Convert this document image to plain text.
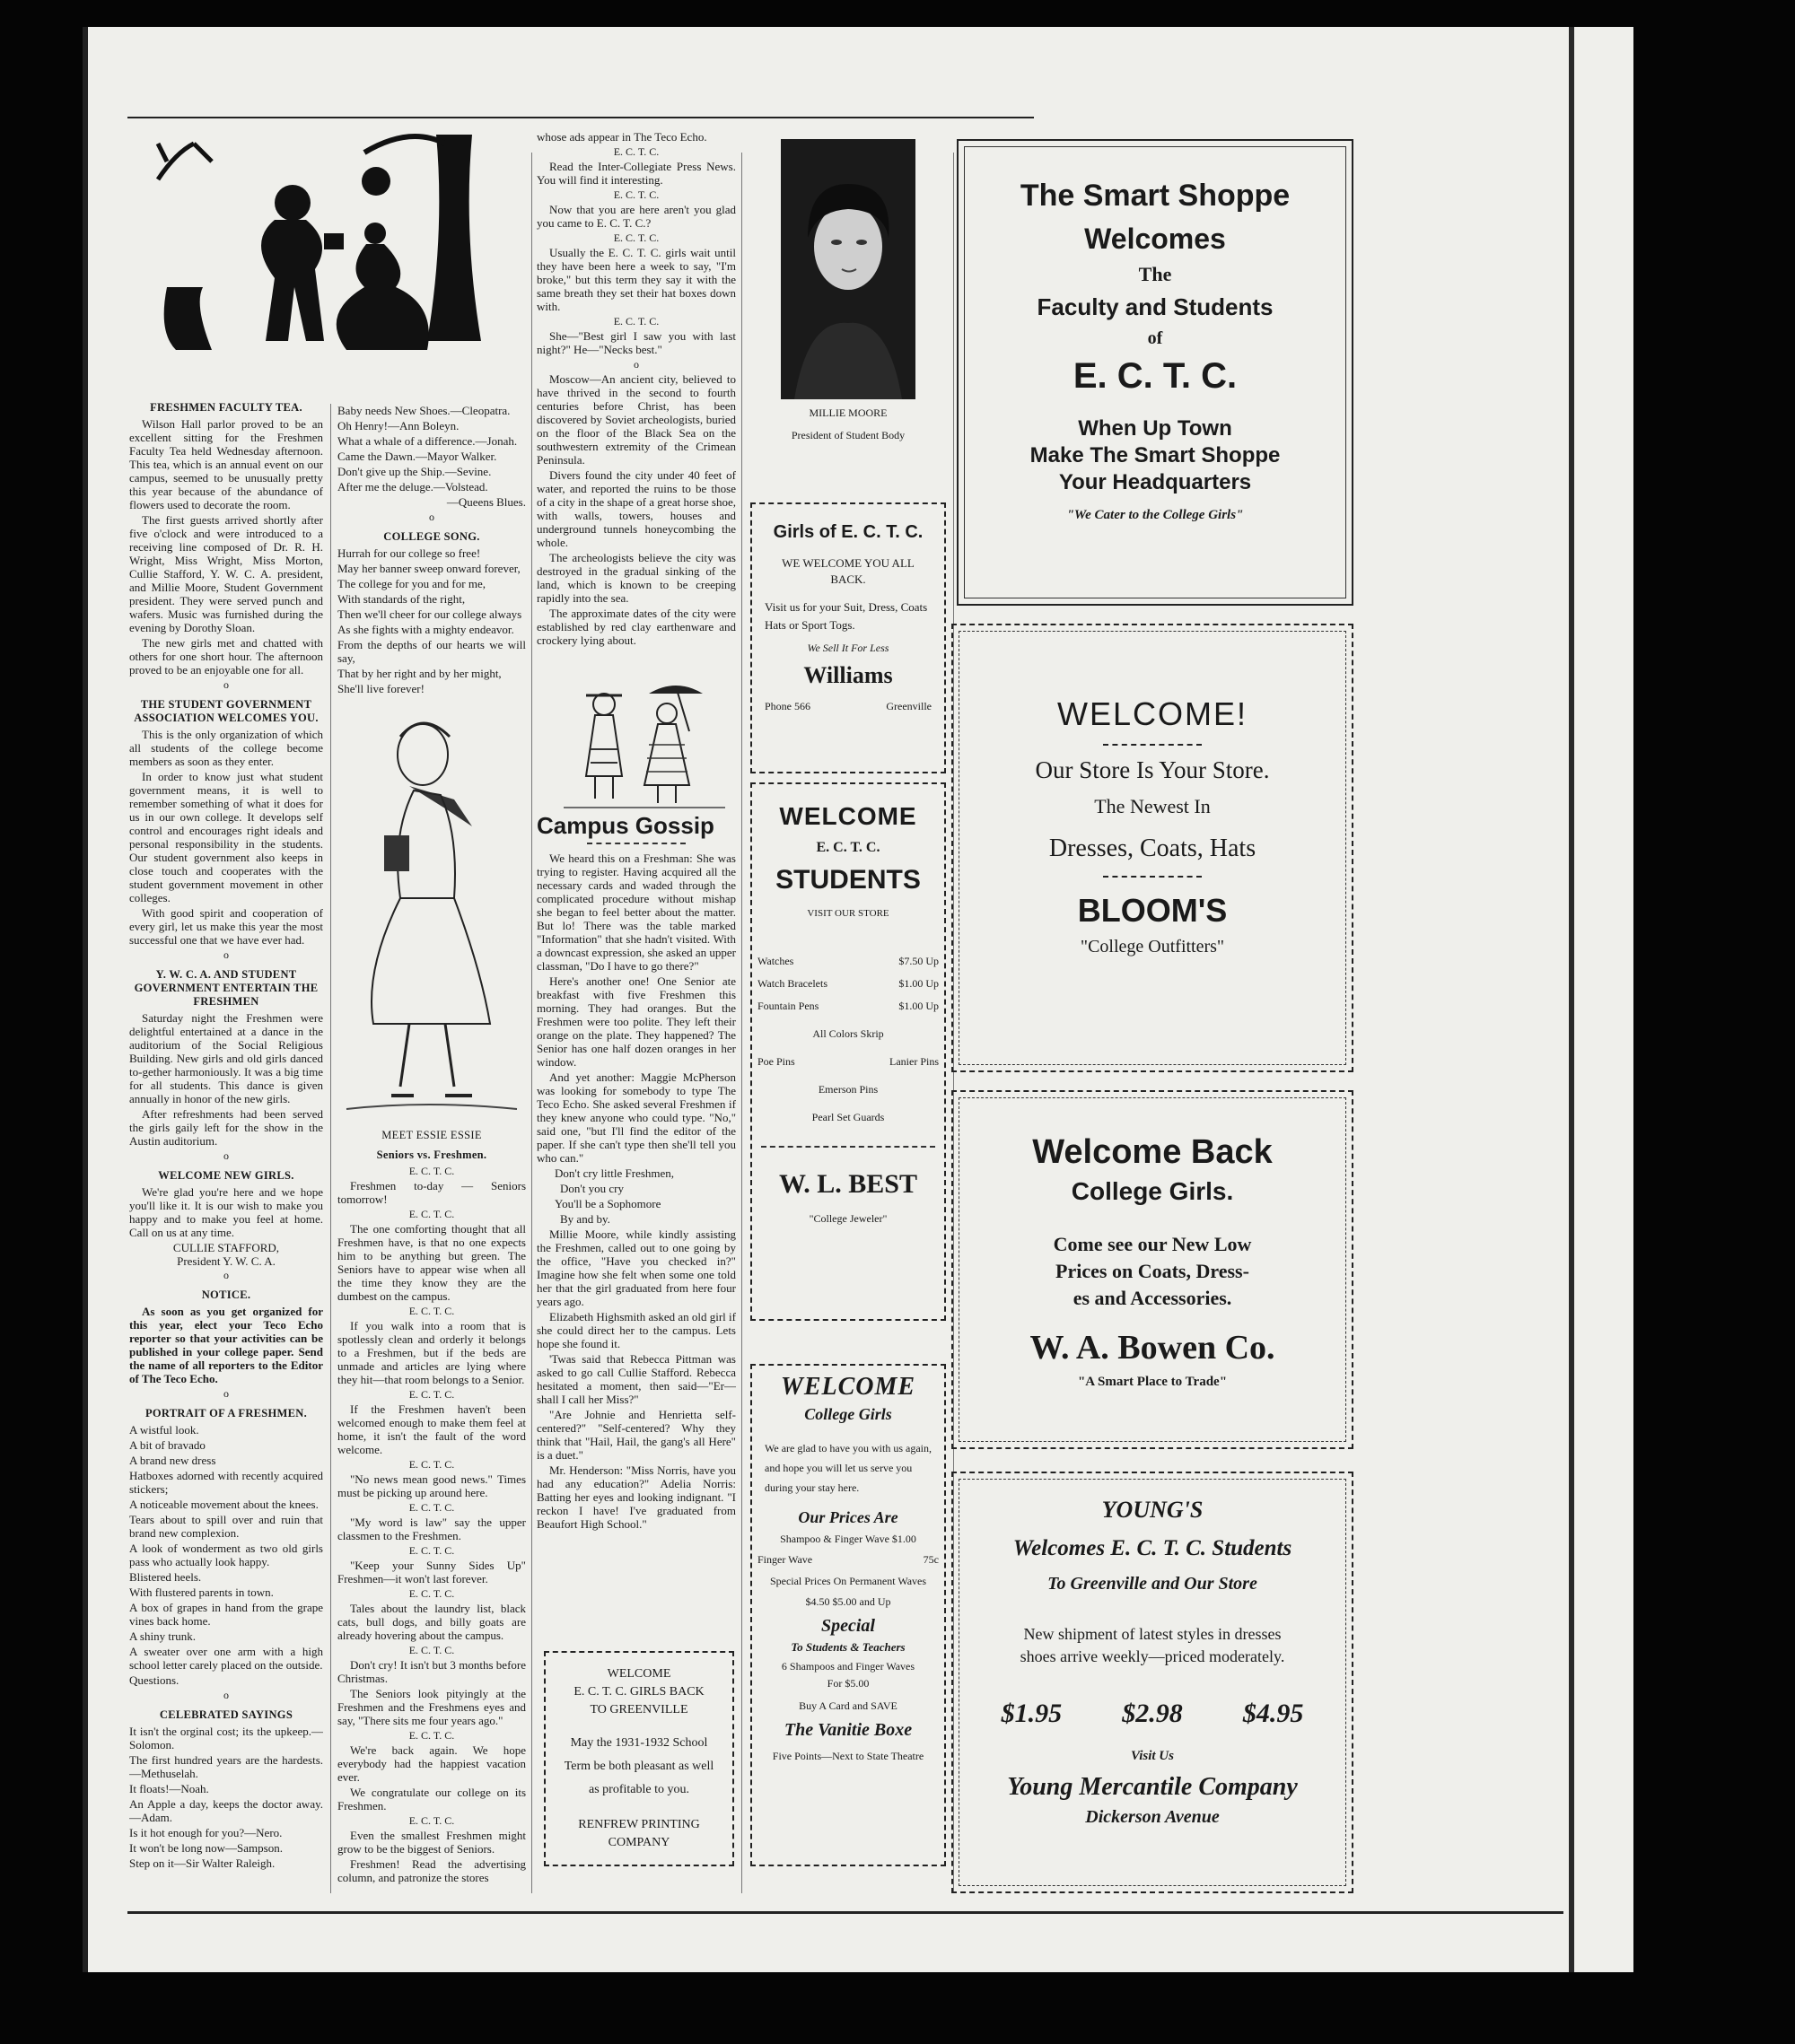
FRESHMEN FACULTY TEA.

Wilson Hall parlor proved to be an excellent sitting for the Freshmen Faculty Tea held Wednesday afternoon. This tea, which is an annual event on our campus, seemed to be unusually pretty this year because of the abundance of flowers used to decorate the room.

The first guests arrived shortly after five o'clock and were introduced to a receiving line composed of Dr. R. H. Wright, Miss Wright, Miss Morton, Cullie Stafford, Y. W. C. A. president, and Millie Moore, Student Government president. They were served punch and wafers. Music was furnished during the evening by Dorothy Sloan.

The new girls met and chatted with others for one short hour. The afternoon proved to be an enjoyable one for all.

o
THE STUDENT GOVERNMENT ASSOCIATION WELCOMES YOU.

This is the only organization of which all students of the college become members as soon as they enter.

In order to know just what student government means, it is well to remember something of what it does for us in our own college. It develops self control and encourages right ideals and personal responsibility in the students. Our student government also keeps in close touch and cooperates with the student government movement in other colleges.

With good spirit and cooperation of every girl, let us make this year the most successful one that we have ever had.

o
Y. W. C. A. AND STUDENT GOVERNMENT ENTERTAIN THE FRESHMEN

Saturday night the Freshmen were delightful entertained at a dance in the auditorium of the Social Religious Building. New girls and old girls danced to-gether harmoniously. It was a big time for all students. This dance is given annually in honor of the new girls.

After refreshments had been served the girls gaily left for the show in the Austin auditorium.

o
WELCOME NEW GIRLS.

We're glad you're here and we hope you'll like it. It is our wish to make you happy and to make you feel at home. Call on us at any time.

CULLIE STAFFORD,
President Y. W. C. A.
o
NOTICE.

As soon as you get organized for this year, elect your Teco Echo reporter so that your activities can be published in your college paper. Send the name of all reporters to the Editor of The Teco Echo.

o
PORTRAIT OF A FRESHMEN.

A wistful look.

A bit of bravado

A brand new dress

Hatboxes adorned with recently acquired stickers;

A noticeable movement about the knees.

Tears about to spill over and ruin that brand new complexion.

A look of wonderment as two old girls pass who actually look happy.

Blistered heels.

With flustered parents in town.

A box of grapes in hand from the grape vines back home.

A shiny trunk.

A sweater over one arm with a high school letter carely placed on the outside.

Questions.

o
CELEBRATED SAYINGS

It isn't the orginal cost; its the upkeep.—Solomon.

The first hundred years are the hardests.—Methuselah.

It floats!—Noah.

An Apple a day, keeps the doctor away.—Adam.

Is it hot enough for you?—Nero.

It won't be long now—Sampson.

Step on it—Sir Walter Raleigh.

Baby needs New Shoes.—Cleopatra.

Oh Henry!—Ann Boleyn.

What a whale of a difference.—Jonah.

Came the Dawn.—Mayor Walker.

Don't give up the Ship.—Sevine.

After me the deluge.—Volstead.

—Queens Blues.

o
COLLEGE SONG.

Hurrah for our college so free!

May her banner sweep onward forever,

The college for you and for me,

With standards of the right,

Then we'll cheer for our college always

As she fights with a mighty endeavor.

From the depths of our hearts we will say,

That by her right and by her might,

She'll live forever!

MEET ESSIE ESSIE
Seniors vs. Freshmen.
E. C. T. C.

Freshmen to-day — Seniors tomorrow!

E. C. T. C.

The one comforting thought that all Freshmen have, is that no one expects him to be anything but green. The Seniors have to appear wise when all the time they know they are the dumbest on the campus.

E. C. T. C.

If you walk into a room that is spotlessly clean and orderly it belongs to a Freshmen, but if the beds are unmade and articles are lying where they hit—that room belongs to a Senior.

E. C. T. C.

If the Freshmen haven't been welcomed enough to make them feel at home, it isn't the fault of the word welcome.

E. C. T. C.

"No news mean good news." Times must be picking up around here.

E. C. T. C.

"My word is law" say the upper classmen to the Freshmen.

E. C. T. C.

"Keep your Sunny Sides Up" Freshmen—it won't last forever.

E. C. T. C.

Tales about the laundry list, black cats, bull dogs, and billy goats are already hovering about the campus.

E. C. T. C.

Don't cry! It isn't but 3 months before Christmas.

The Seniors look pityingly at the Freshmen and the Freshmens eyes and say, "There sits me four years ago."

E. C. T. C.

We're back again. We hope everybody had the happiest vacation ever.

We congratulate our college on its Freshmen.

E. C. T. C.

Even the smallest Freshmen might grow to be the biggest of Seniors.

Freshmen! Read the advertising column, and patronize the stores

whose ads appear in The Teco Echo.

E. C. T. C.

Read the Inter-Collegiate Press News. You will find it interesting.

E. C. T. C.

Now that you are here aren't you glad you came to E. C. T. C.?

E. C. T. C.

Usually the E. C. T. C. girls wait until they have been here a week to say, "I'm broke," but this term they say it with the same breath they set their hat boxes down with.

E. C. T. C.

She—"Best girl I saw you with last night?" He—"Necks best."

o

Moscow—An ancient city, believed to have thrived in the second to fourth centuries before Christ, has been discovered by Soviet archeologists, buried on the floor of the Black Sea on the southwestern extremity of the Crimean Peninsula.

Divers found the city under 40 feet of water, and reported the ruins to be those of a city in the shape of a great horse shoe, with walls, towers, houses and underground tunnels honeycombing the whole.

The archeologists believe the city was destroyed in the gradual sinking of the land, which is known to be creeping rapidly into the sea.

The approximate dates of the city were established by red clay earthenware and crockery lying about.

Campus Gossip

We heard this on a Freshman: She was trying to register. Having acquired all the necessary cards and waded through the complicated procedure without mishap she began to feel better about the matter. But lo! There was the table marked "Information" that she hadn't visited. With a downcast expression, she asked an upper classman, "Do I have to go there?"

Here's another one! One Senior ate breakfast with five Freshmen this morning. They had oranges. But the Freshmen were too polite. They left their orange on the plate. They happened? The Senior has one half dozen oranges in her window.

And yet another: Maggie McPherson was looking for somebody to type The Teco Echo. She asked several Freshmen if they knew anyone who could type. "No," said one, "but I'll find the editor of the paper. If she can't type then she'll tell you who can."

Don't cry little Freshmen,

Don't you cry

You'll be a Sophomore

By and by.

Millie Moore, while kindly assisting the Freshmen, called out to one going by the office, "Have you checked in?" Imagine how she felt when some one told her that the girl graduated from here four years ago.

Elizabeth Highsmith asked an old girl if she could direct her to the campus. Lets hope she found it.

'Twas said that Rebecca Pittman was asked to go call Cullie Stafford. Rebecca hesitated a moment, then said—"Er—shall I call her Miss?"

"Are Johnie and Henrietta self-centered?" "Self-centered? Why they think that "Hail, Hail, the gang's all Here" is a duet."

Mr. Henderson: "Miss Norris, have you had any education?" Adelia Norris: Batting her eyes and looking indignant. "I reckon I have! I've graduated from Beaufort High School."

WELCOME
E. C. T. C. GIRLS BACK
TO GREENVILLE
May the 1931-1932 School Term be both pleasant as well as profitable to you.
RENFREW PRINTING COMPANY
MILLIE MOORE
President of Student Body
Girls of E. C. T. C.
WE WELCOME YOU ALL BACK.
Visit us for your Suit, Dress, Coats Hats or Sport Togs.
We Sell It For Less
Williams
Phone 566	Greenville
WELCOME
E. C. T. C.
STUDENTS
VISIT OUR STORE
Watches	$7.50 Up
Watch Bracelets	$1.00 Up
Fountain Pens	$1.00 Up
All Colors Skrip
Poe Pins	Lanier Pins
Emerson Pins
Pearl Set Guards
W. L. BEST
"College Jeweler"
WELCOME
College Girls
We are glad to have you with us again, and hope you will let us serve you during your stay here.
Our Prices Are
Shampoo & Finger Wave $1.00
Finger Wave	75c
Special Prices On Permanent Waves
$4.50 $5.00 and Up
Special
To Students & Teachers
6 Shampoos and Finger Waves
For $5.00
Buy A Card and SAVE
The Vanitie Boxe
Five Points—Next to State Theatre
The Smart Shoppe
Welcomes
The
Faculty and Students
of
E. C. T. C.
When Up Town
Make The Smart Shoppe
Your Headquarters
"We Cater to the College Girls"
WELCOME!
Our Store Is Your Store.
The Newest In
Dresses, Coats, Hats
BLOOM'S
"College Outfitters"
Welcome Back
College Girls.
Come see our New Low
Prices on Coats, Dress-
es and Accessories.
W. A. Bowen Co.
"A Smart Place to Trade"
YOUNG'S
Welcomes E. C. T. C. Students
To Greenville and Our Store
New shipment of latest styles in dresses
shoes arrive weekly—priced moderately.
$1.95 $2.98 $4.95
Visit Us
Young Mercantile Company
Dickerson Avenue
